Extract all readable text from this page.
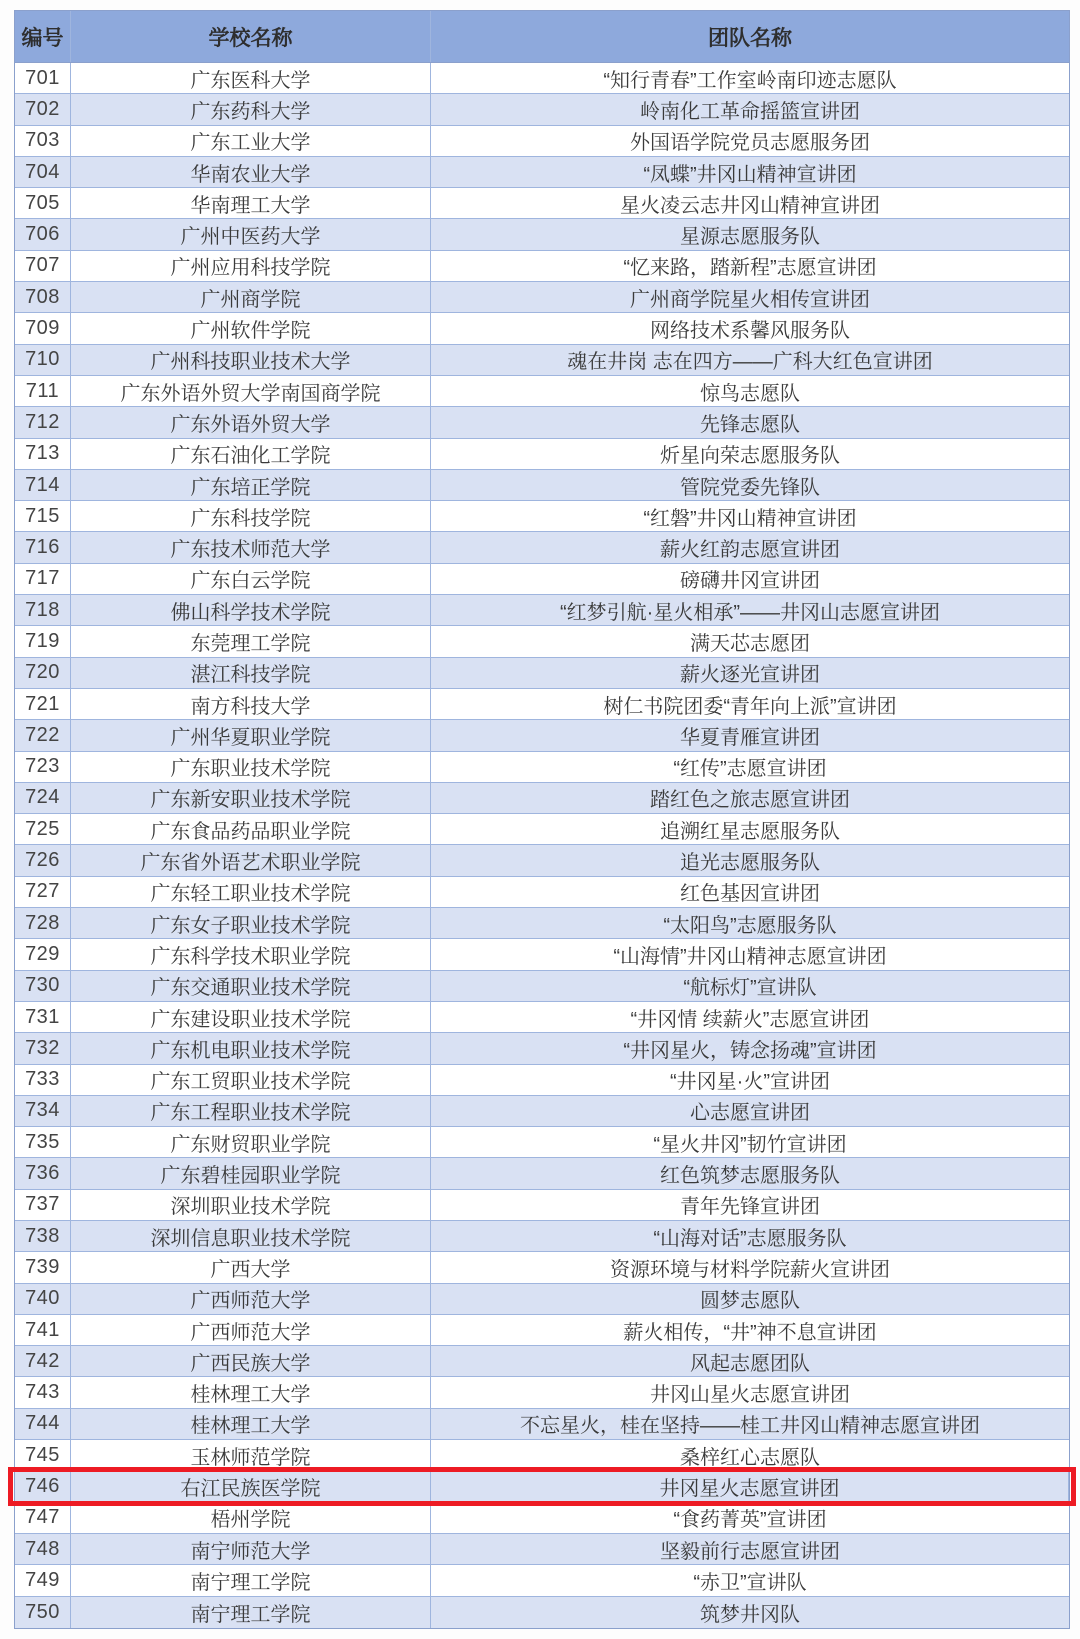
编号	学校名称	团队名称
701	广东医科大学	“知行青春”工作室岭南印迹志愿队
702	广东药科大学	岭南化工革命摇篮宣讲团
703	广东工业大学	外国语学院党员志愿服务团
704	华南农业大学	“凤蝶”井冈山精神宣讲团
705	华南理工大学	星火凌云志井冈山精神宣讲团
706	广州中医药大学	星源志愿服务队
707	广州应用科技学院	“忆来路，踏新程”志愿宣讲团
708	广州商学院	广州商学院星火相传宣讲团
709	广州软件学院	网络技术系馨风服务队
710	广州科技职业技术大学	魂在井岗 志在四方——广科大红色宣讲团
711	广东外语外贸大学南国商学院	惊鸟志愿队
712	广东外语外贸大学	先锋志愿队
713	广东石油化工学院	炘星向荣志愿服务队
714	广东培正学院	管院党委先锋队
715	广东科技学院	“红磐”井冈山精神宣讲团
716	广东技术师范大学	薪火红韵志愿宣讲团
717	广东白云学院	磅礴井冈宣讲团
718	佛山科学技术学院	“红梦引航·星火相承”——井冈山志愿宣讲团
719	东莞理工学院	满天芯志愿团
720	湛江科技学院	薪火逐光宣讲团
721	南方科技大学	树仁书院团委“青年向上派”宣讲团
722	广州华夏职业学院	华夏青雁宣讲团
723	广东职业技术学院	“红传”志愿宣讲团
724	广东新安职业技术学院	踏红色之旅志愿宣讲团
725	广东食品药品职业学院	追溯红星志愿服务队
726	广东省外语艺术职业学院	追光志愿服务队
727	广东轻工职业技术学院	红色基因宣讲团
728	广东女子职业技术学院	“太阳鸟”志愿服务队
729	广东科学技术职业学院	“山海情”井冈山精神志愿宣讲团
730	广东交通职业技术学院	“航标灯”宣讲队
731	广东建设职业技术学院	“井冈情 续薪火”志愿宣讲团
732	广东机电职业技术学院	“井冈星火，铸念扬魂”宣讲团
733	广东工贸职业技术学院	“井冈星·火”宣讲团
734	广东工程职业技术学院	心志愿宣讲团
735	广东财贸职业学院	“星火井冈”韧竹宣讲团
736	广东碧桂园职业学院	红色筑梦志愿服务队
737	深圳职业技术学院	青年先锋宣讲团
738	深圳信息职业技术学院	“山海对话”志愿服务队
739	广西大学	资源环境与材料学院薪火宣讲团
740	广西师范大学	圆梦志愿队
741	广西师范大学	薪火相传，“井”神不息宣讲团
742	广西民族大学	风起志愿团队
743	桂林理工大学	井冈山星火志愿宣讲团
744	桂林理工大学	不忘星火，桂在坚持——桂工井冈山精神志愿宣讲团
745	玉林师范学院	桑梓红心志愿队
746	右江民族医学院	井冈星火志愿宣讲团
747	梧州学院	“食药菁英”宣讲团
748	南宁师范大学	坚毅前行志愿宣讲团
749	南宁理工学院	“赤卫”宣讲队
750	南宁理工学院	筑梦井冈队
